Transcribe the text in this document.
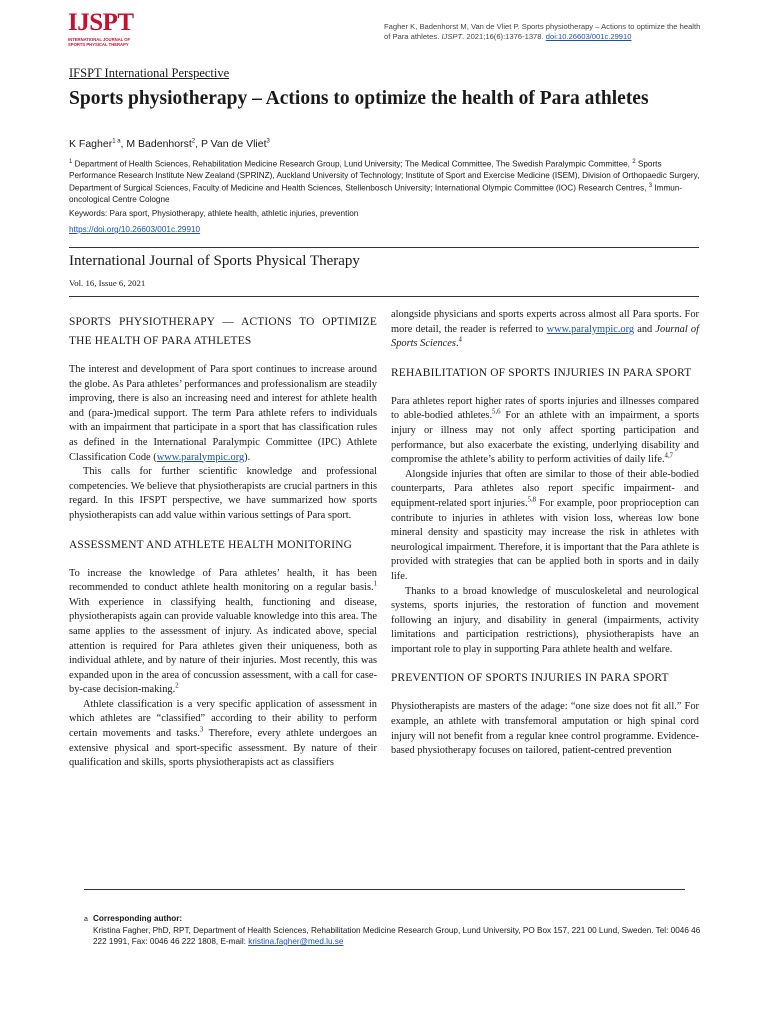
IJSPT
INTERNATIONAL JOURNAL OF SPORTS PHYSICAL THERAPY
Fagher K, Badenhorst M, Van de Vliet P. Sports physiotherapy – Actions to optimize the health of Para athletes. IJSPT. 2021;16(6):1376-1378. doi:10.26603/001c.29910
IFSPT International Perspective
Sports physiotherapy – Actions to optimize the health of Para athletes
K Fagher$^{1 a}$, M Badenhorst$^2$, P Van de Vliet$^3$
$^1$ Department of Health Sciences, Rehabilitation Medicine Research Group, Lund University; The Medical Committee, The Swedish Paralympic Committee, $^2$ Sports Performance Research Institute New Zealand (SPRINZ), Auckland University of Technology; Institute of Sport and Exercise Medicine (ISEM), Division of Orthopaedic Surgery, Department of Surgical Sciences, Faculty of Medicine and Health Sciences, Stellenbosch University; International Olympic Committee (IOC) Research Centres, $^3$ Immun-oncological Centre Cologne
Keywords: Para sport, Physiotherapy, athlete health, athletic injuries, prevention
https://doi.org/10.26603/001c.29910
International Journal of Sports Physical Therapy
Vol. 16, Issue 6, 2021
SPORTS PHYSIOTHERAPY — ACTIONS TO OPTIMIZE THE HEALTH OF PARA ATHLETES

The interest and development of Para sport continues to increase around the globe. As Para athletes’ performances and professionalism are steadily improving, there is also an increasing need and interest for athlete health and (para-)medical support. The term Para athlete refers to individuals with an impairment that participate in a sport that has classification rules as defined in the International Paralympic Committee (IPC) Athlete Classification Code (www.paralympic.org).

This calls for further scientific knowledge and professional competencies. We believe that physiotherapists are crucial partners in this regard. In this IFSPT perspective, we have summarized how sports physiotherapists can add value within various settings of Para sport.

ASSESSMENT AND ATHLETE HEALTH MONITORING

To increase the knowledge of Para athletes’ health, it has been recommended to conduct athlete health monitoring on a regular basis.$^1$ With experience in classifying health, functioning and disease, physiotherapists again can provide valuable knowledge into this area. The same applies to the assessment of injury. As indicated above, special attention is required for Para athletes given their uniqueness, both as individual athlete, and by nature of their injuries. Most recently, this was expanded upon in the area of concussion assessment, with a call for case-by-case decision-making.$^2$

Athlete classification is a very specific application of assessment in which athletes are “classified” according to their ability to perform certain movements and tasks.$^3$ Therefore, every athlete undergoes an extensive physical and sport-specific assessment. By nature of their qualification and skills, sports physiotherapists act as classifiers

alongside physicians and sports experts across almost all Para sports. For more detail, the reader is referred to www.paralympic.org and Journal of Sports Sciences.$^4$

REHABILITATION OF SPORTS INJURIES IN PARA SPORT

Para athletes report higher rates of sports injuries and illnesses compared to able-bodied athletes.$^{5,6}$ For an athlete with an impairment, a sports injury or illness may not only affect sporting participation and performance, but also exacerbate the existing, underlying disability and compromise the athlete’s ability to perform activities of daily life.$^{4,7}$

Alongside injuries that often are similar to those of their able-bodied counterparts, Para athletes also report specific impairment- and equipment-related sport injuries.$^{5,8}$ For example, poor proprioception can contribute to injuries in athletes with vision loss, whereas low bone mineral density and spasticity may increase the risk in athletes with neurological impairment. Therefore, it is important that the Para athlete is provided with strategies that can be applied both in sports and in daily life.

Thanks to a broad knowledge of musculoskeletal and neurological systems, sports injuries, the restoration of function and movement following an injury, and disability in general (impairments, activity limitations and participation restrictions), physiotherapists have an important role to play in supporting Para athlete health and welfare.

PREVENTION OF SPORTS INJURIES IN PARA SPORT

Physiotherapists are masters of the adage: “one size does not fit all.” For example, an athlete with transfemoral amputation or high spinal cord injury will not benefit from a regular knee control programme. Evidence-based physiotherapy focuses on tailored, patient-centred prevention

a Corresponding author:
Kristina Fagher, PhD, RPT, Department of Health Sciences, Rehabilitation Medicine Research Group, Lund University, PO Box 157, 221 00 Lund, Sweden. Tel: 0046 46 222 1991, Fax: 0046 46 222 1808, E-mail: kristina.fagher@med.lu.se
